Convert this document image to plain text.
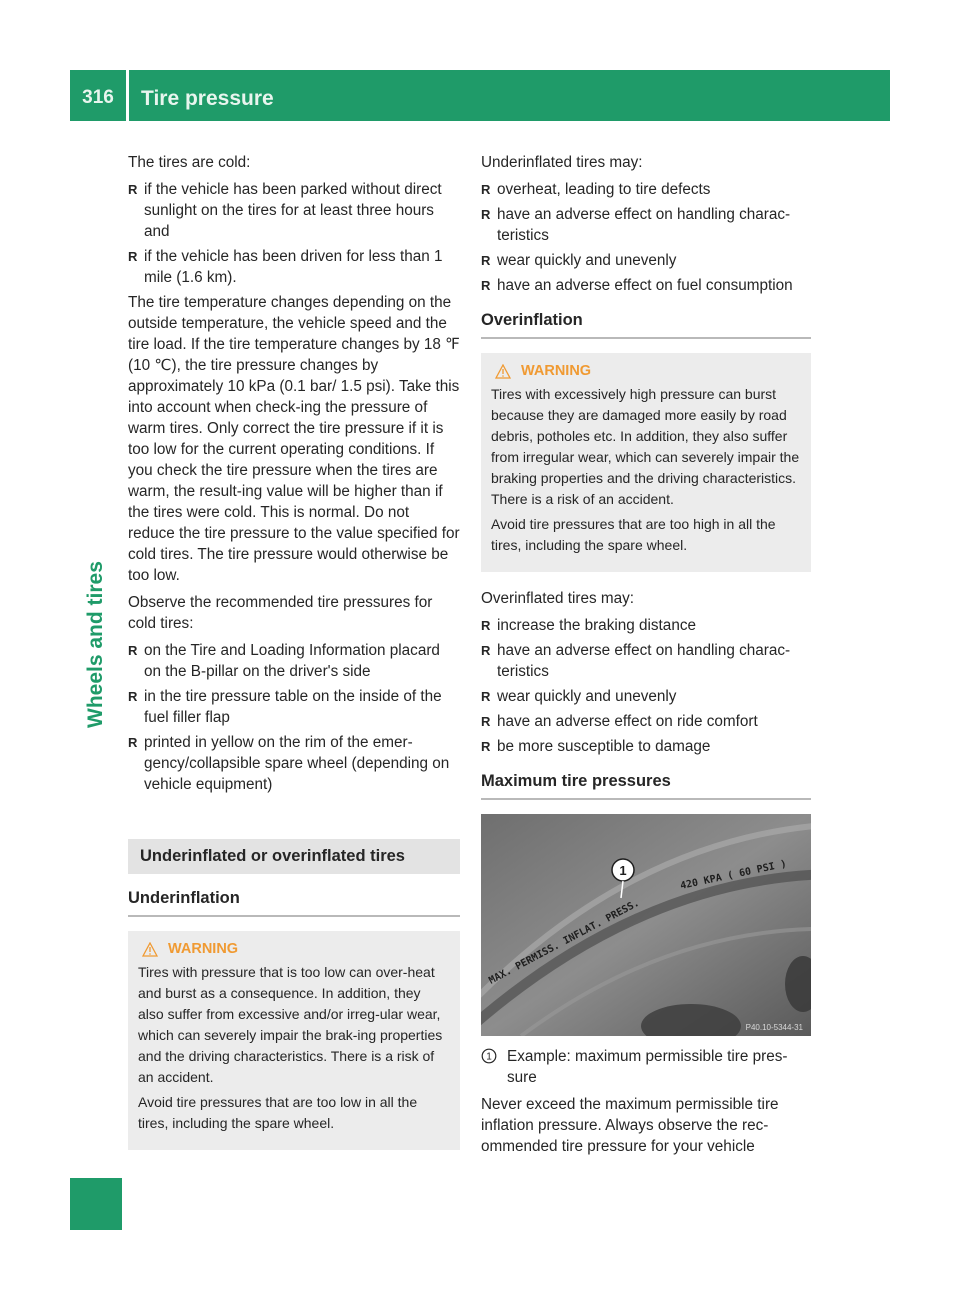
316	Tire pressure
Wheels and tires

The tires are cold:

R if the vehicle has been parked without direct sunlight on the tires for at least three hours and
R if the vehicle has been driven for less than 1 mile (1.6 km).

The tire temperature changes depending on the outside temperature, the vehicle speed and the tire load. If the tire temperature changes by 18 ℉ (10 ℃), the tire pressure changes by approximately 10 kPa (0.1 bar/ 1.5 psi). Take this into account when check-ing the pressure of warm tires. Only correct the tire pressure if it is too low for the current operating conditions. If you check the tire pressure when the tires are warm, the result-ing value will be higher than if the tires were cold. This is normal. Do not reduce the tire pressure to the value specified for cold tires. The tire pressure would otherwise be too low.

Observe the recommended tire pressures for cold tires:

R on the Tire and Loading Information placard on the B-pillar on the driver's side
R in the tire pressure table on the inside of the fuel filler flap
R printed in yellow on the rim of the emer-gency/collapsible spare wheel (depending on vehicle equipment)
Underinflated or overinflated tires
Underinflation
WARNING

Tires with pressure that is too low can over-heat and burst as a consequence. In addition, they also suffer from excessive and/or irreg-ular wear, which can severely impair the brak-ing properties and the driving characteristics. There is a risk of an accident.

Avoid tire pressures that are too low in all the tires, including the spare wheel.

Underinflated tires may:

R overheat, leading to tire defects
R have an adverse effect on handling charac-teristics
R wear quickly and unevenly
R have an adverse effect on fuel consumption
Overinflation
WARNING

Tires with excessively high pressure can burst because they are damaged more easily by road debris, potholes etc. In addition, they also suffer from irregular wear, which can severely impair the braking properties and the driving characteristics. There is a risk of an accident.

Avoid tire pressures that are too high in all the tires, including the spare wheel.

Overinflated tires may:

R increase the braking distance
R have an adverse effect on handling charac-teristics
R wear quickly and unevenly
R have an adverse effect on ride comfort
R be more susceptible to damage
Maximum tire pressures
MAX. PERMISS. INFLAT. PRESS.
420 KPA ( 60 PSI )
1
P40.10-5344-31
1 Example: maximum permissible tire pres-sure

Never exceed the maximum permissible tire inflation pressure. Always observe the rec-ommended tire pressure for your vehicle
